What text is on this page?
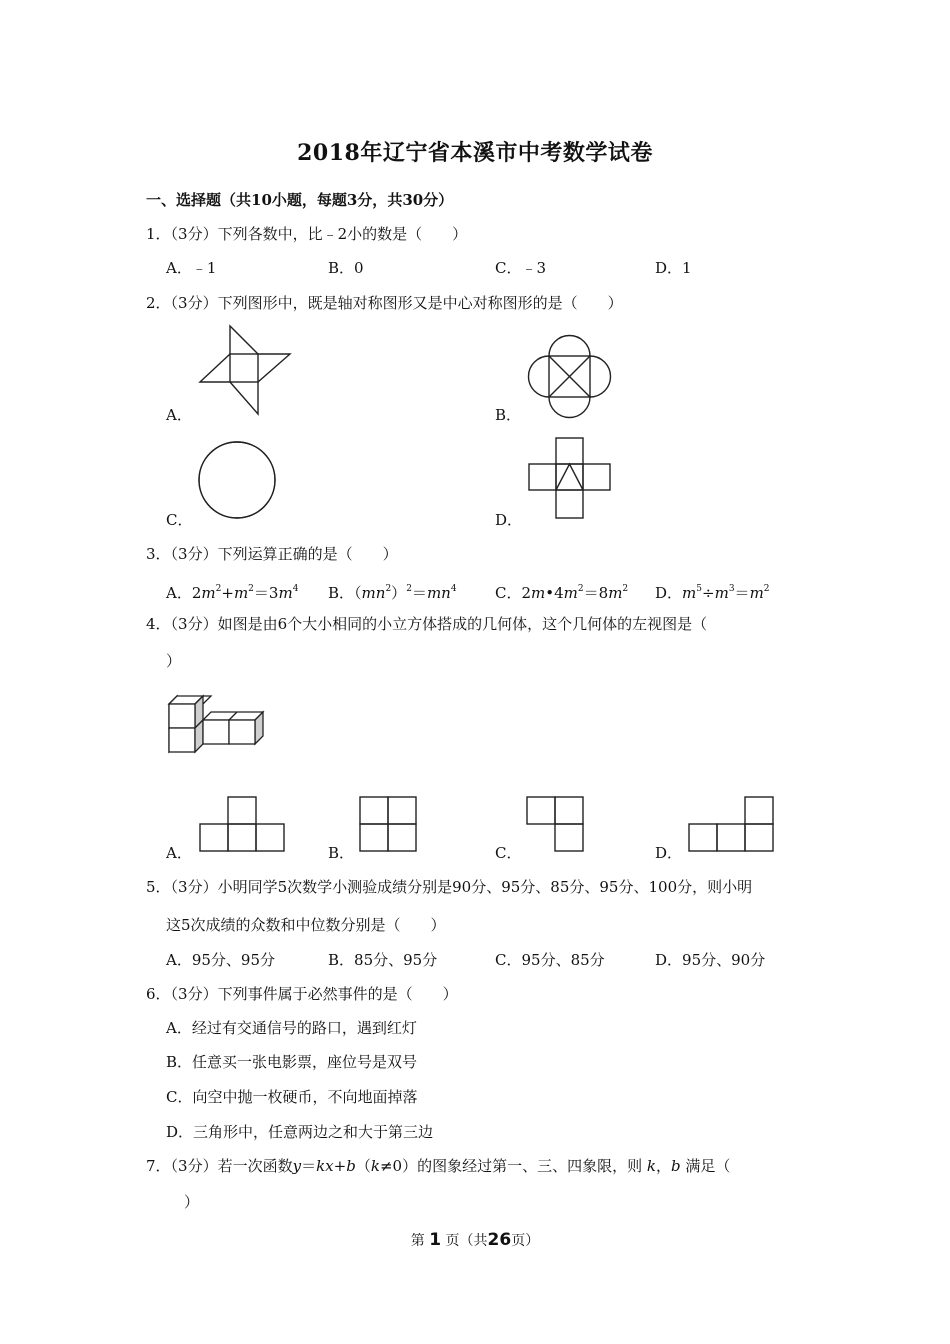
2018年辽宁省本溪市中考数学试卷
一、选择题（共10小题，每题3分，共30分）
1．（3分）下列各数中，比﹣2小的数是（　　）
A．﹣1	B．0	C．﹣3	D．1
2．（3分）下列图形中，既是轴对称图形又是中心对称图形的是（　　）
A．	B．
C．	D．
3．（3分）下列运算正确的是（　　）
A．$2m^2+m^2=3m^4$ B．$(mn^2)^2=mn^4$	C．$2m•4m^2=8m^2$ D．$m^5\div m^3=m^2$
4．（3分）如图是由6个大小相同的小立方体搭成的几何体，这个几何体的左视图是（
）
A．	B．	C．	D．
5．（3分）小明同学5次数学小测验成绩分别是90分、95分、85分、95分、100分，则小明
这5次成绩的众数和中位数分别是（　　）
A．95分、95分	B．85分、95分	C．95分、85分	D．95分、90分
6．（3分）下列事件属于必然事件的是（　　）
A．经过有交通信号的路口，遇到红灯
B．任意买一张电影票，座位号是双号
C．向空中抛一枚硬币，不向地面掉落
D．三角形中，任意两边之和大于第三边
7．（3分）若一次函数y＝kx+b（k≠0）的图象经过第一、三、四象限，则 k，b 满足（
）
第 1 页（共26页）
